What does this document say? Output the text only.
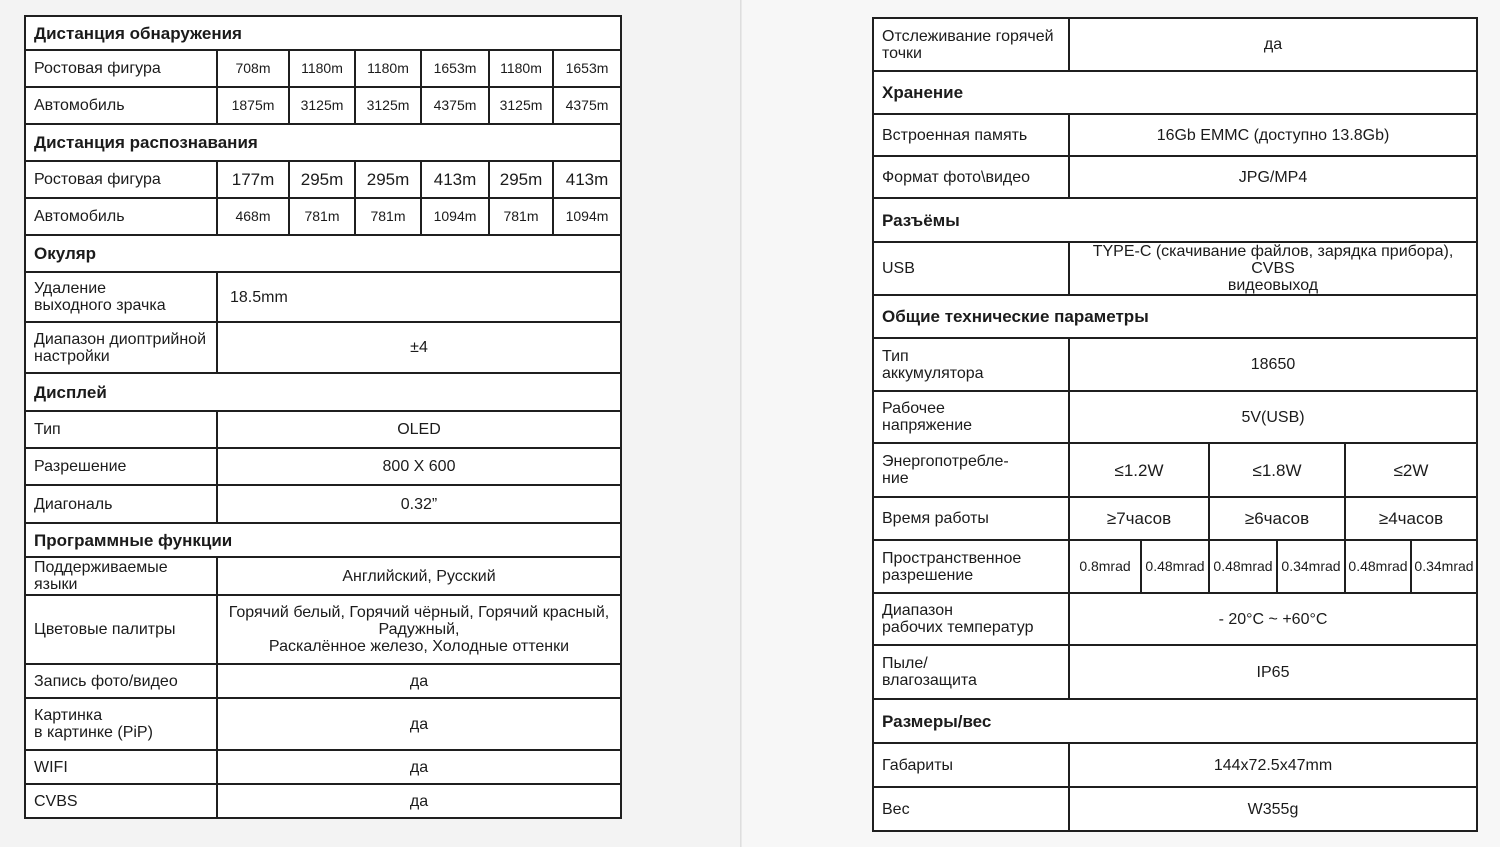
Дистанция обнаружения						
Ростовая фигура	708m	1180m	1180m	1653m	1180m	1653m
Автомобиль	1875m	3125m	3125m	4375m	3125m	4375m
Дистанция распознавания						
Ростовая фигура	177m	295m	295m	413m	295m	413m
Автомобиль	468m	781m	781m	1094m	781m	1094m
Окуляр						
Удаление
выходного зрачка	18.5mm					
Диапазон диоптрийной
настройки	±4					
Дисплей						
Тип	OLED					
Разрешение	800 X 600					
Диагональ	0.32”					
Программные функции						
Поддерживаемые языки	Английский, Русский					
Цветовые палитры	Горячий белый, Горячий чёрный, Горячий красный,
Радужный,
Раскалённое железо, Холодные оттенки					
Запись фото/видео	да					
Картинка
в картинке (PiP)	да					
WIFI	да					
CVBS	да					
Отслеживание горячей
точки	да					
Хранение						
Встроенная память	16Gb EMMC (доступно 13.8Gb)					
Формат фото\видео	JPG/MP4					
Разъёмы						
USB	TYPE-C (скачивание файлов, зарядка прибора), CVBS
видеовыход					
Общие технические параметры						
Тип
аккумулятора	18650					
Рабочее
напряжение	5V(USB)					
Энергопотребле-
ние	≤1.2W		≤1.8W		≤2W	
Время работы	≥7часов		≥6часов		≥4часов	
Пространственное
разрешение	0.8mrad	0.48mrad	0.48mrad	0.34mrad	0.48mrad	0.34mrad
Диапазон
рабочих температур	- 20°C ~ +60°C					
Пыле/
влагозащита	IP65					
Размеры/вес						
Габариты	144x72.5x47mm					
Вес	W355g					
